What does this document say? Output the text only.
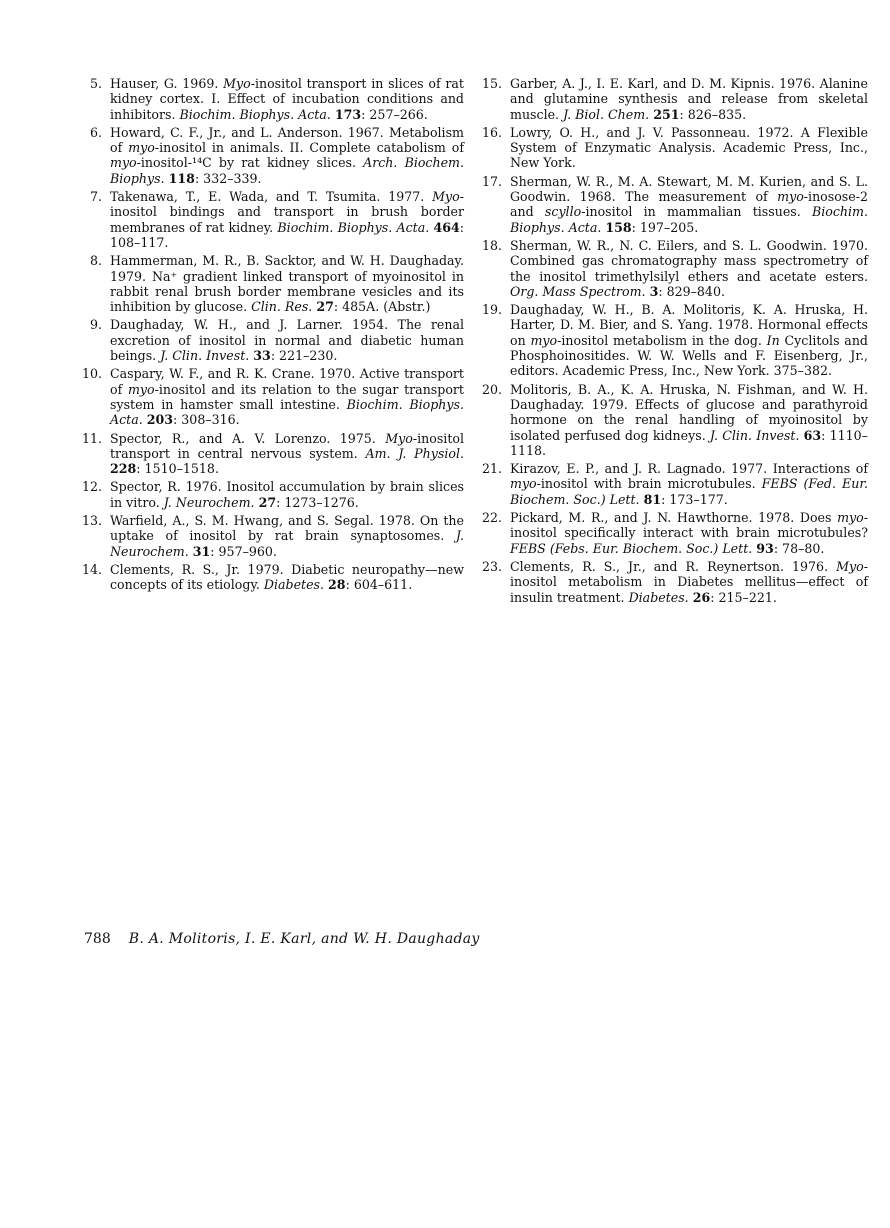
5. Hauser, G. 1969. Myo-inositol transport in slices of rat kidney cortex. I. Effect of incubation conditions and inhibitors. Biochim. Biophys. Acta. 173: 257–266.
6. Howard, C. F., Jr., and L. Anderson. 1967. Metabolism of myo-inositol in animals. II. Complete catabolism of myo-inositol-¹⁴C by rat kidney slices. Arch. Biochem. Biophys. 118: 332–339.
7. Takenawa, T., E. Wada, and T. Tsumita. 1977. Myo-inositol bindings and transport in brush border membranes of rat kidney. Biochim. Biophys. Acta. 464: 108–117.
8. Hammerman, M. R., B. Sacktor, and W. H. Daughaday. 1979. Na⁺ gradient linked transport of myoinositol in rabbit renal brush border membrane vesicles and its inhibition by glucose. Clin. Res. 27: 485A. (Abstr.)
9. Daughaday, W. H., and J. Larner. 1954. The renal excretion of inositol in normal and diabetic human beings. J. Clin. Invest. 33: 221–230.
10. Caspary, W. F., and R. K. Crane. 1970. Active transport of myo-inositol and its relation to the sugar transport system in hamster small intestine. Biochim. Biophys. Acta. 203: 308–316.
11. Spector, R., and A. V. Lorenzo. 1975. Myo-inositol transport in central nervous system. Am. J. Physiol. 228: 1510–1518.
12. Spector, R. 1976. Inositol accumulation by brain slices in vitro. J. Neurochem. 27: 1273–1276.
13. Warfield, A., S. M. Hwang, and S. Segal. 1978. On the uptake of inositol by rat brain synaptosomes. J. Neurochem. 31: 957–960.
14. Clements, R. S., Jr. 1979. Diabetic neuropathy—new concepts of its etiology. Diabetes. 28: 604–611.
15. Garber, A. J., I. E. Karl, and D. M. Kipnis. 1976. Alanine and glutamine synthesis and release from skeletal muscle. J. Biol. Chem. 251: 826–835.
16. Lowry, O. H., and J. V. Passonneau. 1972. A Flexible System of Enzymatic Analysis. Academic Press, Inc., New York.
17. Sherman, W. R., M. A. Stewart, M. M. Kurien, and S. L. Goodwin. 1968. The measurement of myo-inosose-2 and scyllo-inositol in mammalian tissues. Biochim. Biophys. Acta. 158: 197–205.
18. Sherman, W. R., N. C. Eilers, and S. L. Goodwin. 1970. Combined gas chromatography mass spectrometry of the inositol trimethylsilyl ethers and acetate esters. Org. Mass Spectrom. 3: 829–840.
19. Daughaday, W. H., B. A. Molitoris, K. A. Hruska, H. Harter, D. M. Bier, and S. Yang. 1978. Hormonal effects on myo-inositol metabolism in the dog. In Cyclitols and Phosphoinositides. W. W. Wells and F. Eisenberg, Jr., editors. Academic Press, Inc., New York. 375–382.
20. Molitoris, B. A., K. A. Hruska, N. Fishman, and W. H. Daughaday. 1979. Effects of glucose and parathyroid hormone on the renal handling of myoinositol by isolated perfused dog kidneys. J. Clin. Invest. 63: 1110–1118.
21. Kirazov, E. P., and J. R. Lagnado. 1977. Interactions of myo-inositol with brain microtubules. FEBS (Fed. Eur. Biochem. Soc.) Lett. 81: 173–177.
22. Pickard, M. R., and J. N. Hawthorne. 1978. Does myo-inositol specifically interact with brain microtubules? FEBS (Febs. Eur. Biochem. Soc.) Lett. 93: 78–80.
23. Clements, R. S., Jr., and R. Reynertson. 1976. Myo-inositol metabolism in Diabetes mellitus—effect of insulin treatment. Diabetes. 26: 215–221.
788 B. A. Molitoris, I. E. Karl, and W. H. Daughaday
